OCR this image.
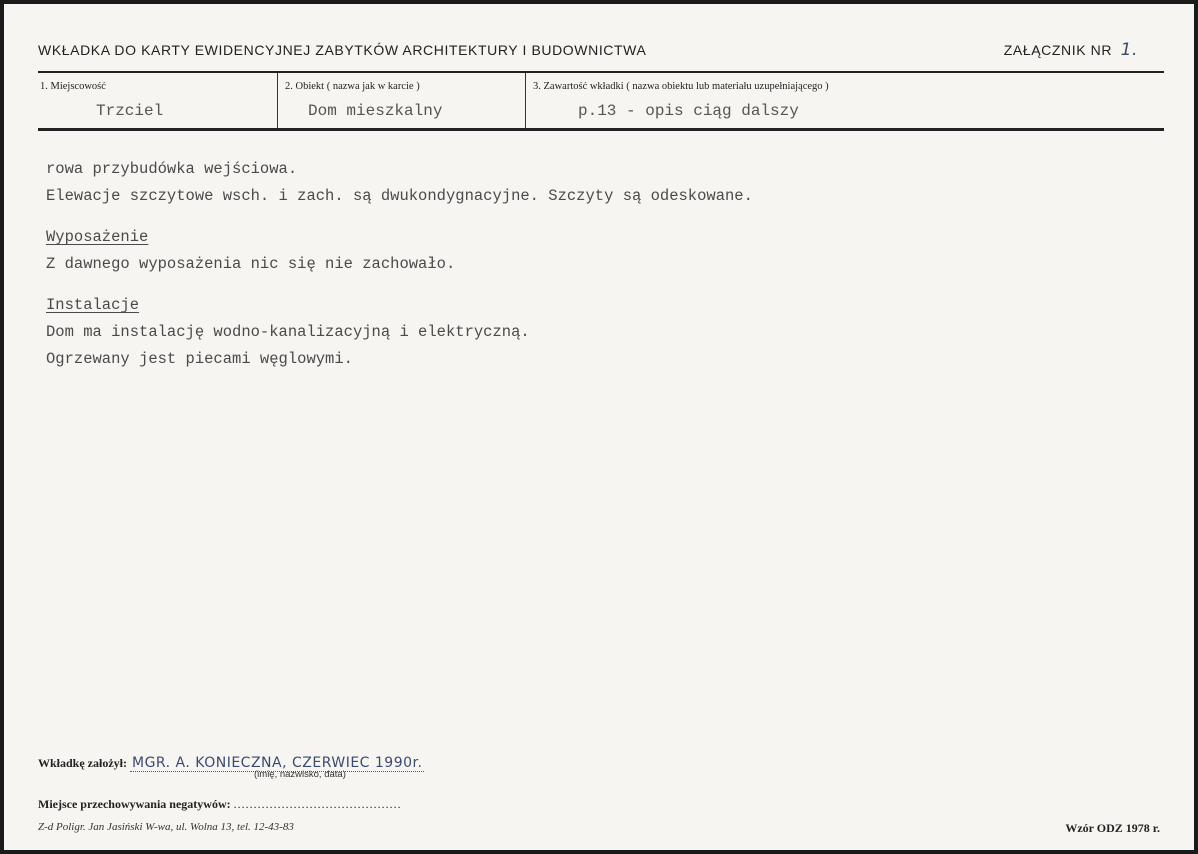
WKŁADKA DO KARTY EWIDENCYJNEJ ZABYTKÓW ARCHITEKTURY I BUDOWNICTWA	ZAŁĄCZNIK NR 1.
1. Miejscowość
Trzciel
2. Obiekt ( nazwa jak w karcie )
Dom mieszkalny
3. Zawartość wkładki ( nazwa obiektu lub materiału uzupełniającego )
p.13 - opis ciąg dalszy
rowa przybudówka wejściowa.
Elewacje szczytowe wsch. i zach. są dwukondygnacyjne. Szczyty są odeskowane.
Wyposażenie
Z dawnego wyposażenia nic się nie zachowało.
Instalacje
Dom ma instalację wodno-kanalizacyjną i elektryczną.
Ogrzewany jest piecami węglowymi.
Wkładkę założył: MGR. A. KONIECZNA, CZERWIEC 1990r.
(imię, nazwisko, data)
Miejsce przechowywania negatywów: ..........................................
Z-d Poligr. Jan Jasiński W-wa, ul. Wolna 13, tel. 12-43-83	Wzór ODZ 1978 r.
